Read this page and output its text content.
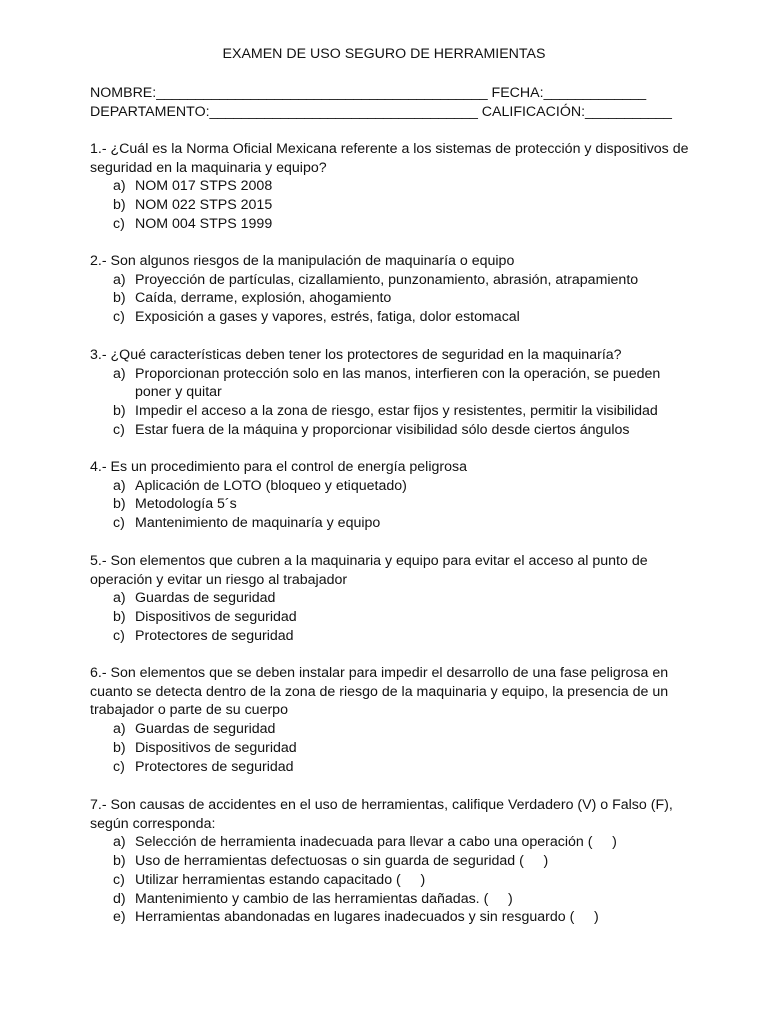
EXAMEN DE USO SEGURO DE HERRAMIENTAS
NOMBRE:__________________________________________ FECHA:_____________
DEPARTAMENTO:__________________________________ CALIFICACIÓN:___________

1.- ¿Cuál es la Norma Oficial Mexicana referente a los sistemas de protección y dispositivos de seguridad en la maquinaria y equipo?

a) NOM 017 STPS 2008
b) NOM 022 STPS 2015
c) NOM 004 STPS 1999

2.- Son algunos riesgos de la manipulación de maquinaría o equipo

a) Proyección de partículas, cizallamiento, punzonamiento, abrasión, atrapamiento
b) Caída, derrame, explosión, ahogamiento
c) Exposición a gases y vapores, estrés, fatiga, dolor estomacal

3.- ¿Qué características deben tener los protectores de seguridad en la maquinaría?

a) Proporcionan protección solo en las manos, interfieren con la operación, se pueden poner y quitar
b) Impedir el acceso a la zona de riesgo, estar fijos y resistentes, permitir la visibilidad
c) Estar fuera de la máquina y proporcionar visibilidad sólo desde ciertos ángulos

4.- Es un procedimiento para el control de energía peligrosa

a) Aplicación de LOTO (bloqueo y etiquetado)
b) Metodología 5´s
c) Mantenimiento de maquinaría y equipo

5.- Son elementos que cubren a la maquinaria y equipo para evitar el acceso al punto de operación y evitar un riesgo al trabajador

a) Guardas de seguridad
b) Dispositivos de seguridad
c) Protectores de seguridad

6.- Son elementos que se deben instalar para impedir el desarrollo de una fase peligrosa en cuanto se detecta dentro de la zona de riesgo de la maquinaria y equipo, la presencia de un trabajador o parte de su cuerpo

a) Guardas de seguridad
b) Dispositivos de seguridad
c) Protectores de seguridad

7.- Son causas de accidentes en el uso de herramientas, califique Verdadero (V) o Falso (F), según corresponda:

a) Selección de herramienta inadecuada para llevar a cabo una operación (     )
b) Uso de herramientas defectuosas o sin guarda de seguridad (     )
c) Utilizar herramientas estando capacitado (     )
d) Mantenimiento y cambio de las herramientas dañadas. (     )
e) Herramientas abandonadas en lugares inadecuados y sin resguardo (     )
